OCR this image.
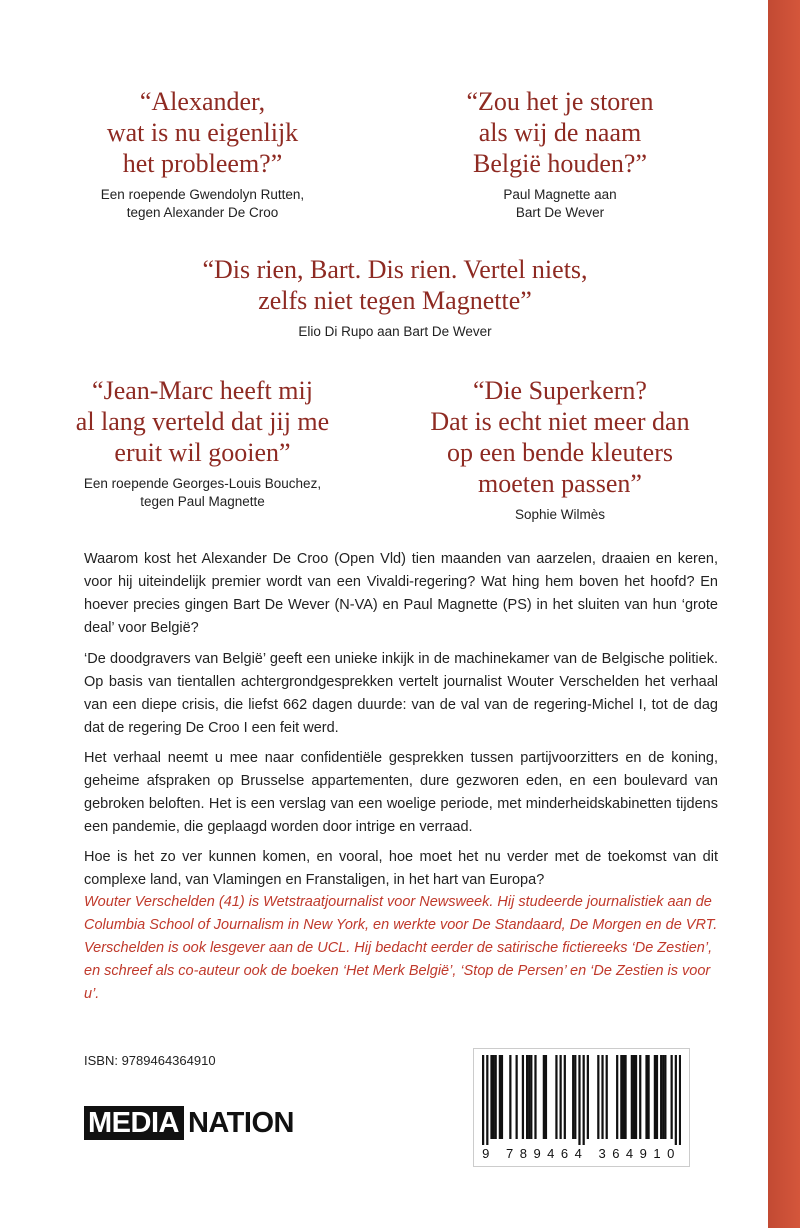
“Alexander,
wat is nu eigenlijk
het probleem?”

Een roepende Gwendolyn Rutten,
tegen Alexander De Croo

“Zou het je storen
als wij de naam
België houden?”

Paul Magnette aan
Bart De Wever

“Dis rien, Bart. Dis rien. Vertel niets,
zelfs niet tegen Magnette”

Elio Di Rupo aan Bart De Wever

“Jean-Marc heeft mij
al lang verteld dat jij me
eruit wil gooien”

Een roepende Georges-Louis Bouchez,
tegen Paul Magnette

“Die Superkern?
Dat is echt niet meer dan
op een bende kleuters
moeten passen”

Sophie Wilmès

Waarom kost het Alexander De Croo (Open Vld) tien maanden van aarzelen, draaien en keren, voor hij uiteindelijk premier wordt van een Vivaldi-regering? Wat hing hem boven het hoofd? En hoever precies gingen Bart De Wever (N-VA) en Paul Magnette (PS) in het sluiten van hun ‘grote deal’ voor België?

‘De doodgravers van België’ geeft een unieke inkijk in de machinekamer van de Belgische politiek. Op basis van tientallen achtergrondgesprekken vertelt journalist Wouter Verschelden het verhaal van een diepe crisis, die liefst 662 dagen duurde: van de val van de regering-Michel I, tot de dag dat de regering De Croo I een feit werd.

Het verhaal neemt u mee naar confidentiële gesprekken tussen partijvoorzitters en de koning, geheime afspraken op Brusselse appartementen, dure gezworen eden, en een boulevard van gebroken beloften. Het is een verslag van een woelige periode, met minderheidskabinetten tijdens een pandemie, die geplaagd worden door intrige en verraad.

Hoe is het zo ver kunnen komen, en vooral, hoe moet het nu verder met de toekomst van dit complexe land, van Vlamingen en Franstaligen, in het hart van Europa?

Wouter Verschelden (41) is Wetstraatjournalist voor Newsweek. Hij studeerde journalistiek aan de Columbia School of Journalism in New York, en werkte voor De Standaard, De Morgen en de VRT. Verschelden is ook lesgever aan de UCL. Hij bedacht eerder de satirische fictiereeks ‘De Zestien’, en schreef als co-auteur ook de boeken ‘Het Merk België’, ‘Stop de Persen’ en ‘De Zestien is voor u’.

ISBN: 9789464364910
MEDIA NATION
9 789464 364910
